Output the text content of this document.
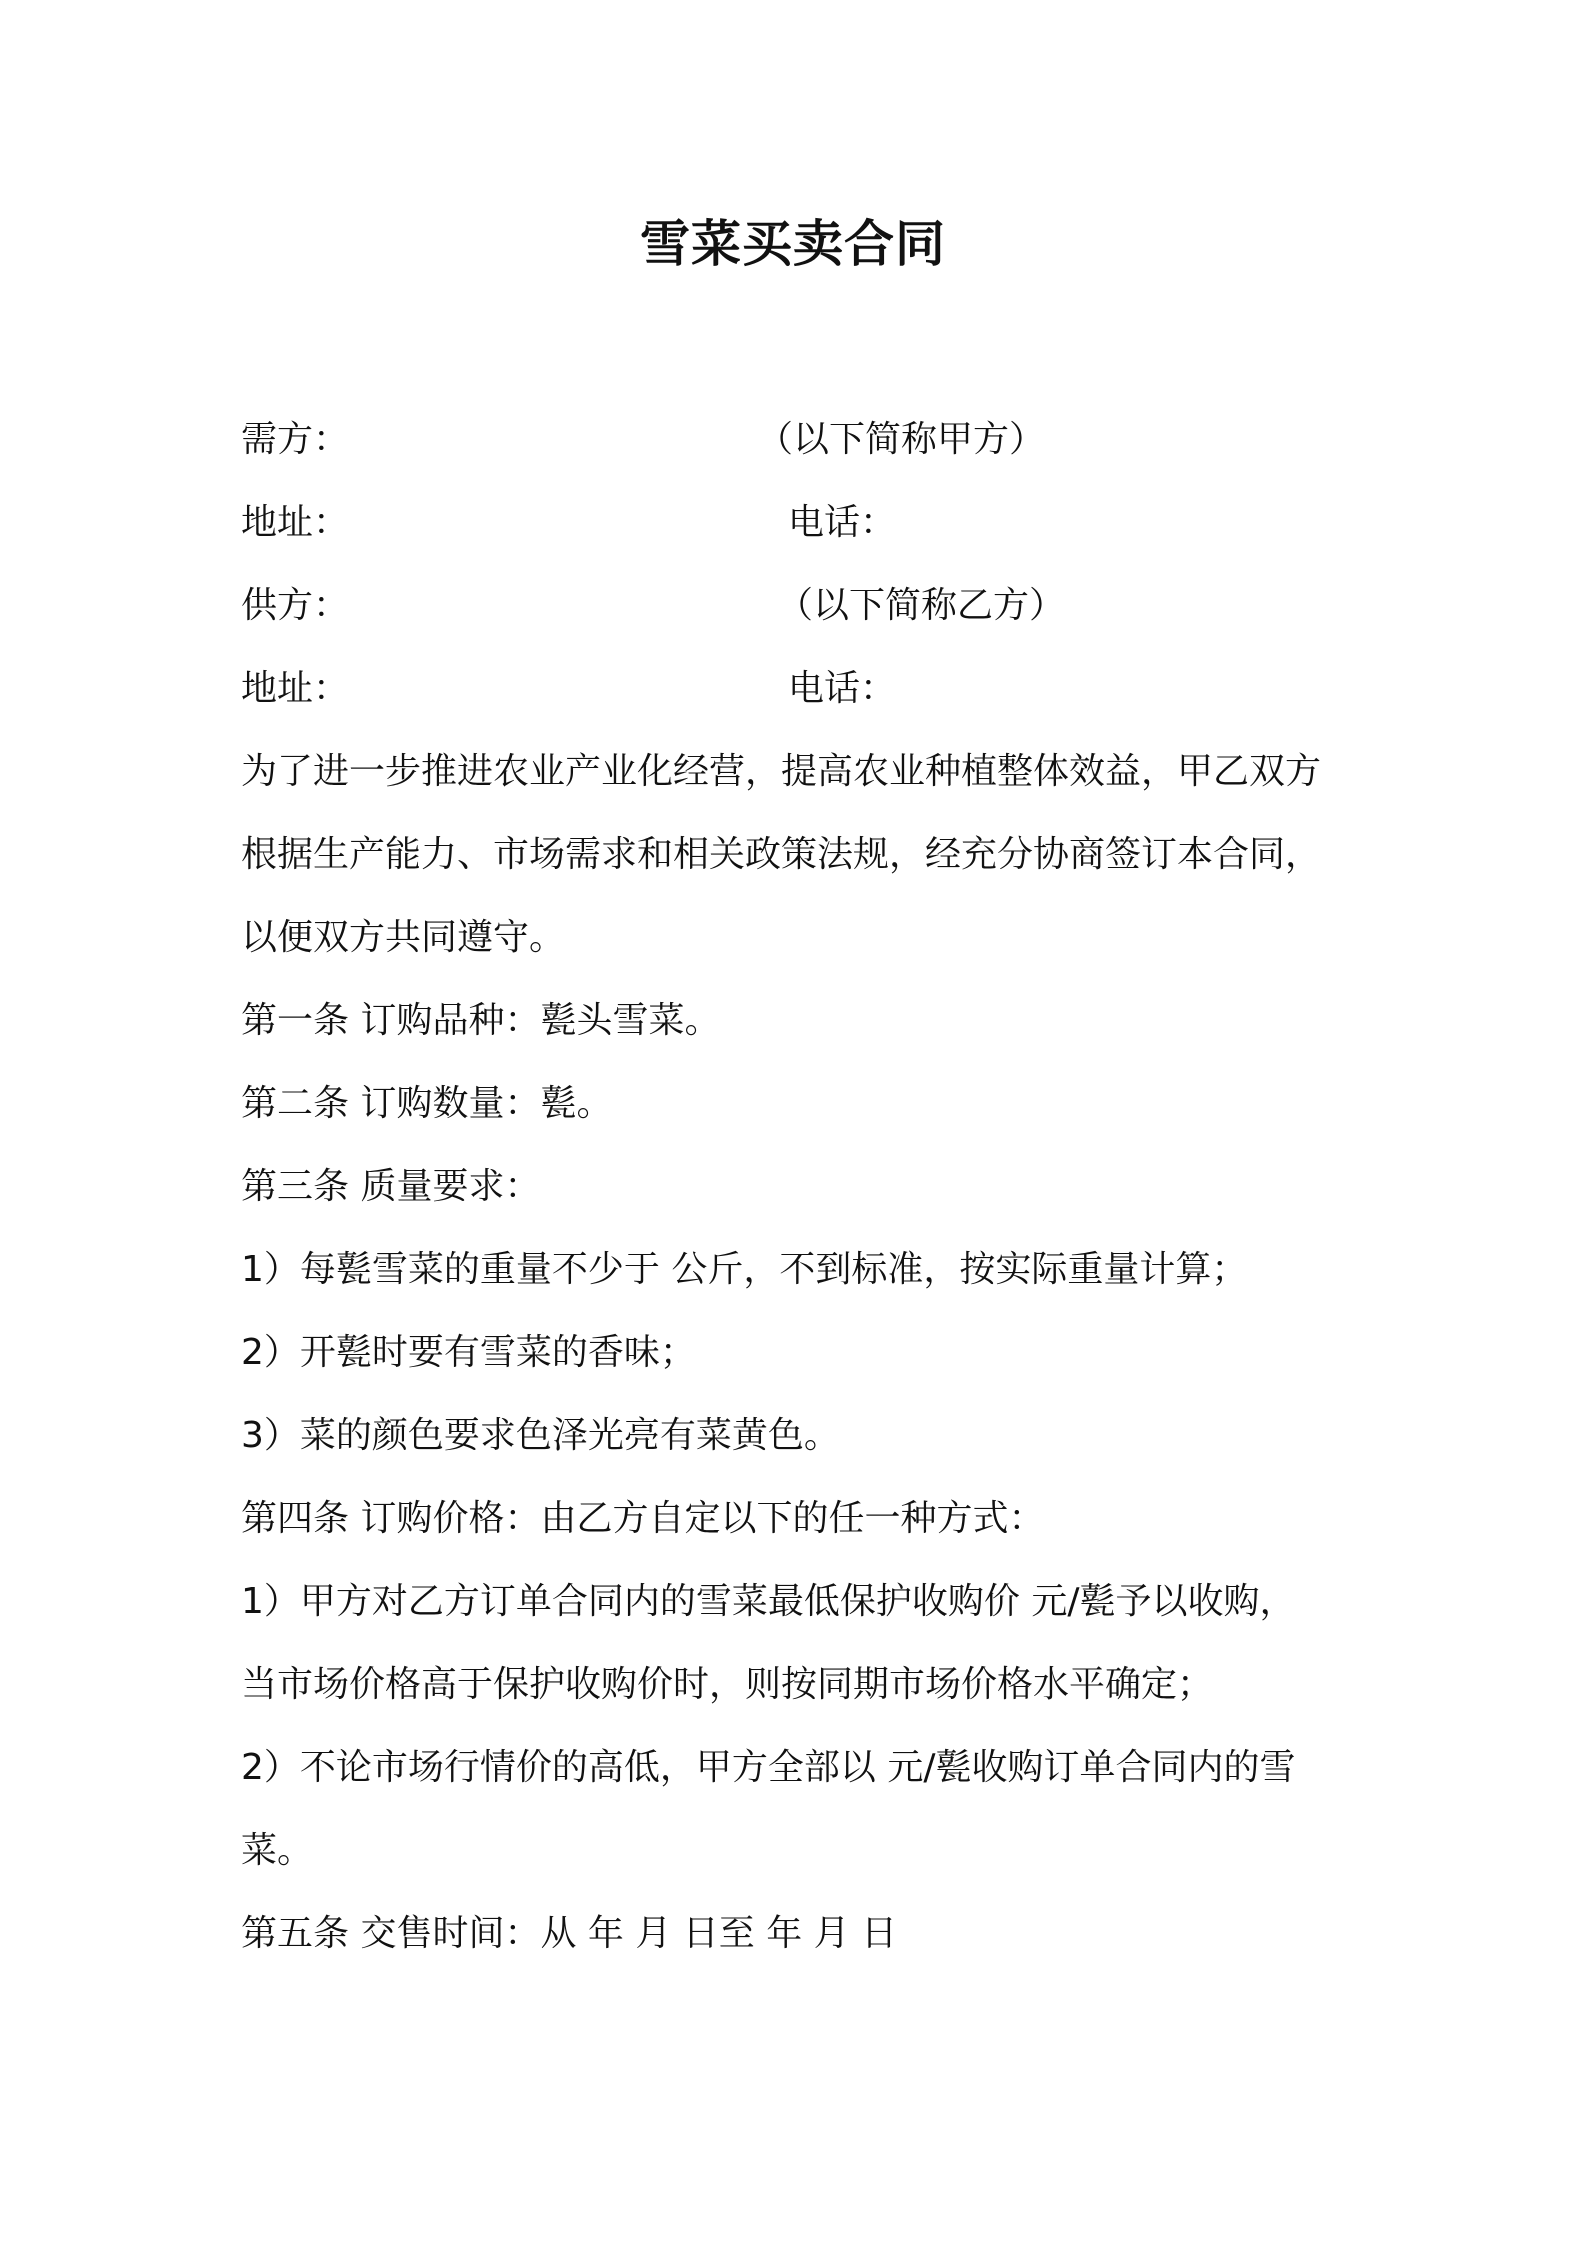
雪菜买卖合同
需方：	（以下简称甲方）
地址：	电话：
供方：	（以下简称乙方）
地址：	电话：
为了进一步推进农业产业化经营，提高农业种植整体效益，甲乙双方
根据生产能力、市场需求和相关政策法规，经充分协商签订本合同，
以便双方共同遵守。
第一条 订购品种：甏头雪菜。
第二条 订购数量：甏。
第三条 质量要求：
1）每甏雪菜的重量不少于 公斤，不到标准，按实际重量计算；
2）开甏时要有雪菜的香味；
3）菜的颜色要求色泽光亮有菜黄色。
第四条 订购价格：由乙方自定以下的任一种方式：
1）甲方对乙方订单合同内的雪菜最低保护收购价 元/甏予以收购，
当市场价格高于保护收购价时，则按同期市场价格水平确定；
2）不论市场行情价的高低，甲方全部以 元/甏收购订单合同内的雪
菜。
第五条 交售时间：从 年 月 日至 年 月 日
